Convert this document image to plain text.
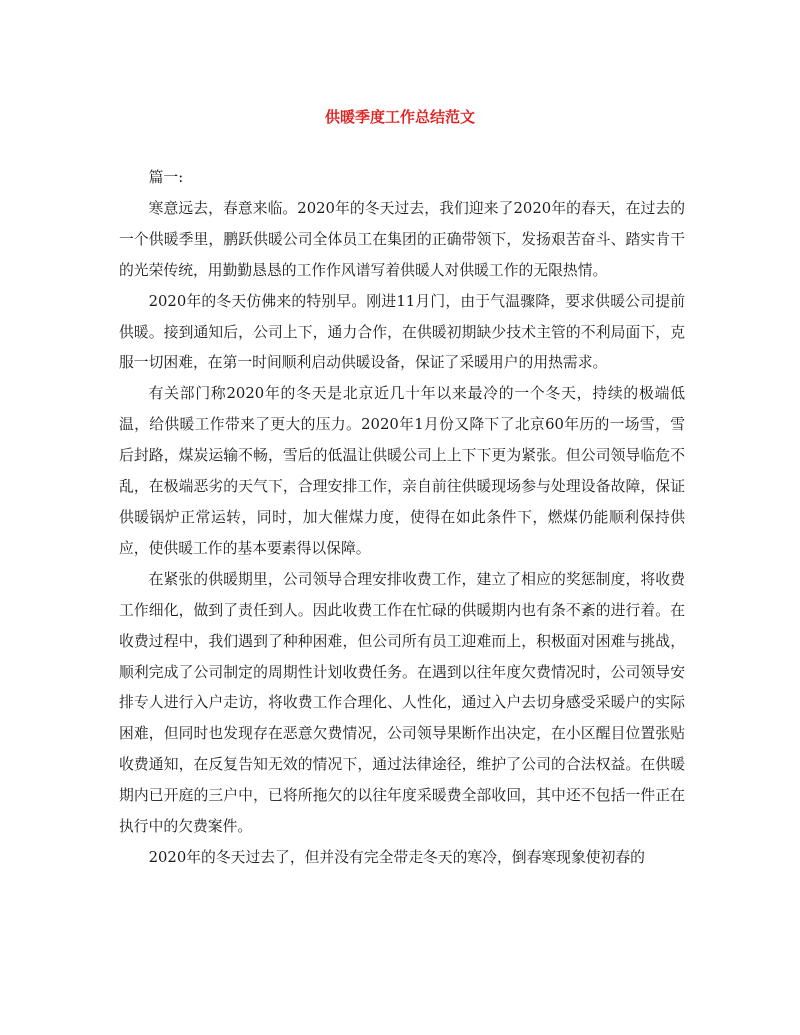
供暖季度工作总结范文

篇一:

寒意远去，春意来临。2020年的冬天过去，我们迎来了2020年的春天，在过去的一个供暖季里，鹏跃供暖公司全体员工在集团的正确带领下，发扬艰苦奋斗、踏实肯干的光荣传统，用勤勤恳恳的工作作风谱写着供暖人对供暖工作的无限热情。

2020年的冬天仿佛来的特别早。刚进11月门，由于气温骤降，要求供暖公司提前供暖。接到通知后，公司上下，通力合作，在供暖初期缺少技术主管的不利局面下，克服一切困难，在第一时间顺利启动供暖设备，保证了采暖用户的用热需求。

有关部门称2020年的冬天是北京近几十年以来最冷的一个冬天，持续的极端低温，给供暖工作带来了更大的压力。2020年1月份又降下了北京60年历的一场雪，雪后封路，煤炭运输不畅，雪后的低温让供暖公司上上下下更为紧张。但公司领导临危不乱，在极端恶劣的天气下，合理安排工作，亲自前往供暖现场参与处理设备故障，保证供暖锅炉正常运转，同时，加大催煤力度，使得在如此条件下，燃煤仍能顺利保持供应，使供暖工作的基本要素得以保障。

在紧张的供暖期里，公司领导合理安排收费工作，建立了相应的奖惩制度，将收费工作细化，做到了责任到人。因此收费工作在忙碌的供暖期内也有条不紊的进行着。在收费过程中，我们遇到了种种困难，但公司所有员工迎难而上，积极面对困难与挑战，顺利完成了公司制定的周期性计划收费任务。在遇到以往年度欠费情况时，公司领导安排专人进行入户走访，将收费工作合理化、人性化，通过入户去切身感受采暖户的实际困难，但同时也发现存在恶意欠费情况，公司领导果断作出决定，在小区醒目位置张贴收费通知，在反复告知无效的情况下，通过法律途径，维护了公司的合法权益。在供暖期内已开庭的三户中，已将所拖欠的以往年度采暖费全部收回，其中还不包括一件正在执行中的欠费案件。

2020年的冬天过去了，但并没有完全带走冬天的寒冷，倒春寒现象使初春的
